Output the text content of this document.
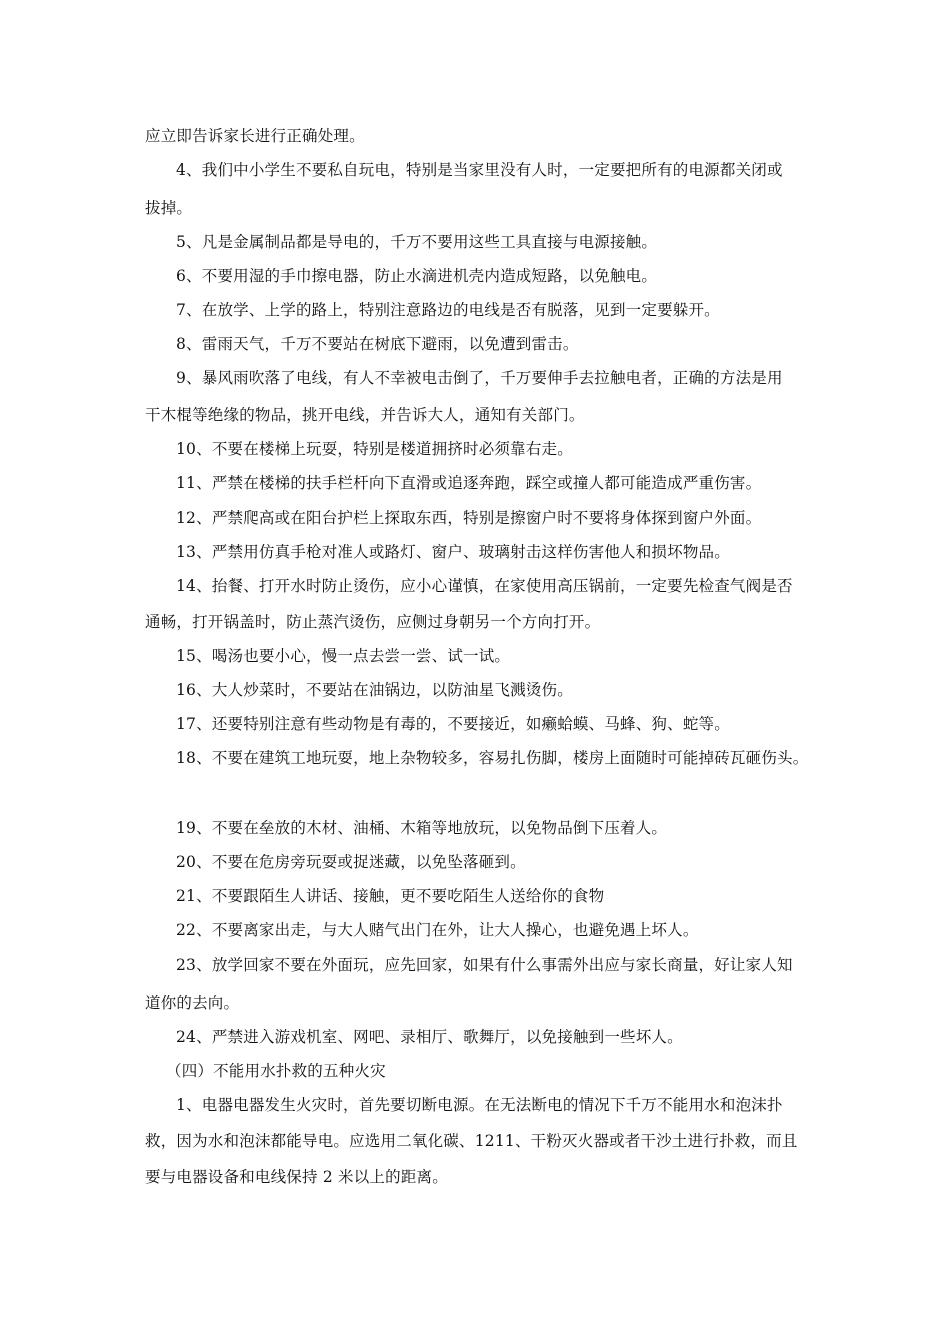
应立即告诉家长进行正确处理。
4、我们中小学生不要私自玩电，特别是当家里没有人时，一定要把所有的电源都关闭或
拔掉。
5、凡是金属制品都是导电的，千万不要用这些工具直接与电源接触。
6、不要用湿的手巾擦电器，防止水滴进机壳内造成短路，以免触电。
7、在放学、上学的路上，特别注意路边的电线是否有脱落，见到一定要躲开。
8、雷雨天气，千万不要站在树底下避雨，以免遭到雷击。
9、暴风雨吹落了电线，有人不幸被电击倒了，千万要伸手去拉触电者，正确的方法是用
干木棍等绝缘的物品，挑开电线，并告诉大人，通知有关部门。
10、不要在楼梯上玩耍，特别是楼道拥挤时必须靠右走。
11、严禁在楼梯的扶手栏杆向下直滑或追逐奔跑，踩空或撞人都可能造成严重伤害。
12、严禁爬高或在阳台护栏上探取东西，特别是擦窗户时不要将身体探到窗户外面。
13、严禁用仿真手枪对准人或路灯、窗户、玻璃射击这样伤害他人和损坏物品。
14、抬餐、打开水时防止烫伤，应小心谨慎，在家使用高压锅前，一定要先检查气阀是否
通畅，打开锅盖时，防止蒸汽烫伤，应侧过身朝另一个方向打开。
15、喝汤也要小心，慢一点去尝一尝、试一试。
16、大人炒菜时，不要站在油锅边，以防油星飞溅烫伤。
17、还要特别注意有些动物是有毒的，不要接近，如癞蛤蟆、马蜂、狗、蛇等。
18、不要在建筑工地玩耍，地上杂物较多，容易扎伤脚，楼房上面随时可能掉砖瓦砸伤头。
19、不要在垒放的木材、油桶、木箱等地放玩，以免物品倒下压着人。
20、不要在危房旁玩耍或捉迷藏，以免坠落砸到。
21、不要跟陌生人讲话、接触，更不要吃陌生人送给你的食物
22、不要离家出走，与大人赌气出门在外，让大人操心，也避免遇上坏人。
23、放学回家不要在外面玩，应先回家，如果有什么事需外出应与家长商量，好让家人知
道你的去向。
24、严禁进入游戏机室、网吧、录相厅、歌舞厅，以免接触到一些坏人。
（四）不能用水扑救的五种火灾
1、电器电器发生火灾时，首先要切断电源。在无法断电的情况下千万不能用水和泡沫扑
救，因为水和泡沫都能导电。应选用二氧化碳、1211、干粉灭火器或者干沙土进行扑救，而且
要与电器设备和电线保持 2 米以上的距离。
